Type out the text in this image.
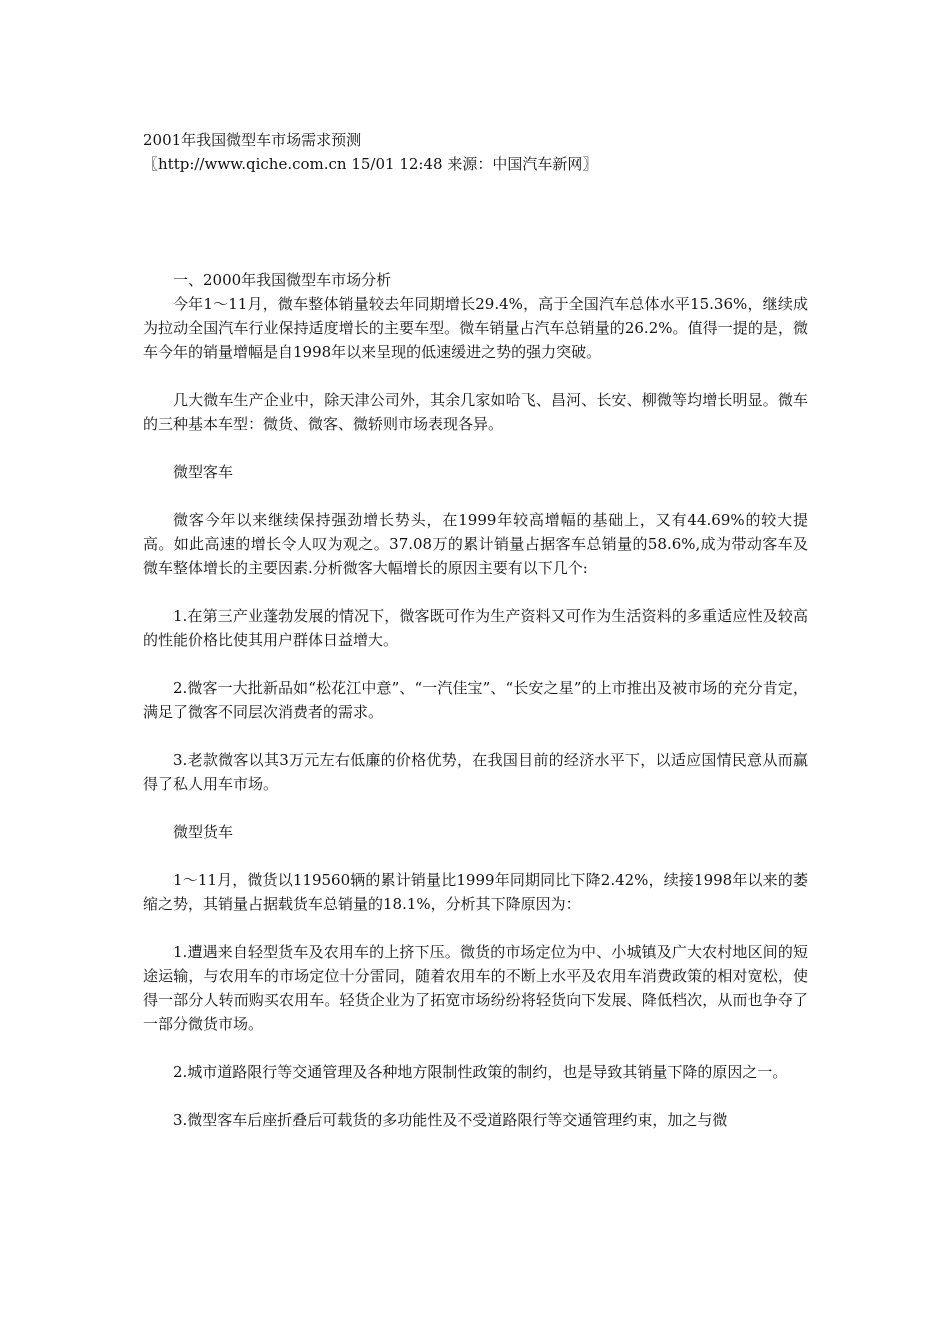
2001年我国微型车市场需求预测
〖http://www.qiche.com.cn 15/01 12:48 来源：中国汽车新网〗

一、2000年我国微型车市场分析

今年1～11月，微车整体销量较去年同期增长29.4%，高于全国汽车总体水平15.36%，继续成为拉动全国汽车行业保持适度增长的主要车型。微车销量占汽车总销量的26.2%。值得一提的是，微车今年的销量增幅是自1998年以来呈现的低速缓进之势的强力突破。

几大微车生产企业中，除天津公司外，其余几家如哈飞、昌河、长安、柳微等均增长明显。微车的三种基本车型：微货、微客、微轿则市场表现各异。

微型客车

微客今年以来继续保持强劲增长势头，在1999年较高增幅的基础上，又有44.69%的较大提高。如此高速的增长令人叹为观之。37.08万的累计销量占据客车总销量的58.6%,成为带动客车及微车整体增长的主要因素.分析微客大幅增长的原因主要有以下几个:

1.在第三产业蓬勃发展的情况下，微客既可作为生产资料又可作为生活资料的多重适应性及较高的性能价格比使其用户群体日益增大。

2.微客一大批新品如“松花江中意”、“一汽佳宝”、“长安之星”的上市推出及被市场的充分肯定，满足了微客不同层次消费者的需求。

3.老款微客以其3万元左右低廉的价格优势，在我国目前的经济水平下，以适应国情民意从而赢得了私人用车市场。

微型货车

1～11月，微货以119560辆的累计销量比1999年同期同比下降2.42%，续接1998年以来的萎缩之势，其销量占据载货车总销量的18.1%，分析其下降原因为：

1.遭遇来自轻型货车及农用车的上挤下压。微货的市场定位为中、小城镇及广大农村地区间的短途运输，与农用车的市场定位十分雷同，随着农用车的不断上水平及农用车消费政策的相对宽松，使得一部分人转而购买农用车。轻货企业为了拓宽市场纷纷将轻货向下发展、降低档次，从而也争夺了一部分微货市场。

2.城市道路限行等交通管理及各种地方限制性政策的制约，也是导致其销量下降的原因之一。

3.微型客车后座折叠后可载货的多功能性及不受道路限行等交通管理约束，加之与微
